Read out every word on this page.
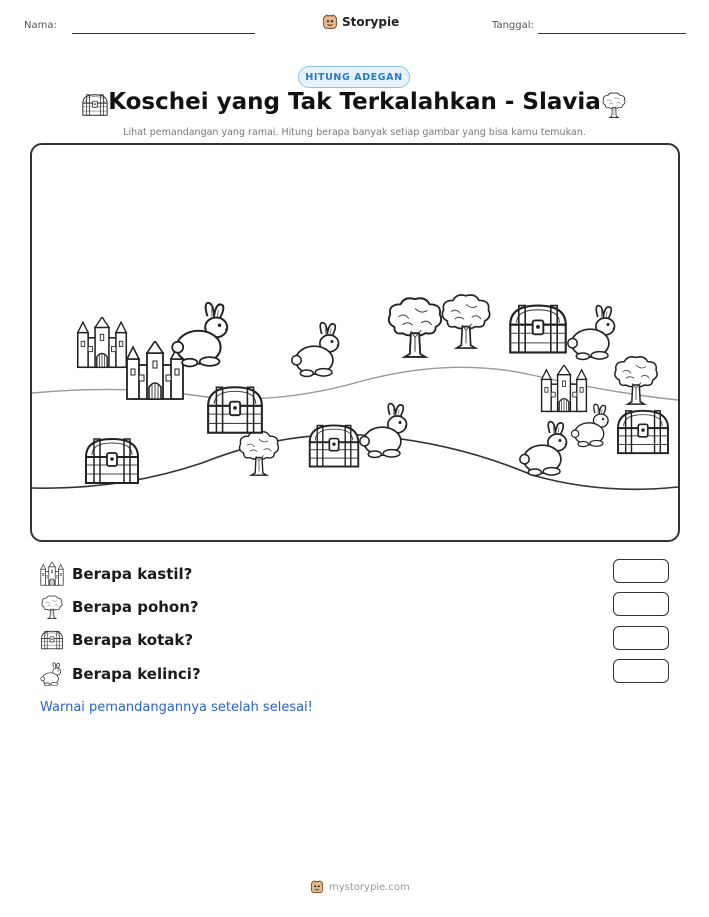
Nama:	Storypie	Tanggal:
HITUNG ADEGAN
Koschei yang Tak Terkalahkan - Slavia
Lihat pemandangan yang ramai. Hitung berapa banyak setiap gambar yang bisa kamu temukan.
Berapa kastil?
Berapa pohon?
Berapa kotak?
Berapa kelinci?
Warnai pemandangannya setelah selesai!
mystorypie.com
